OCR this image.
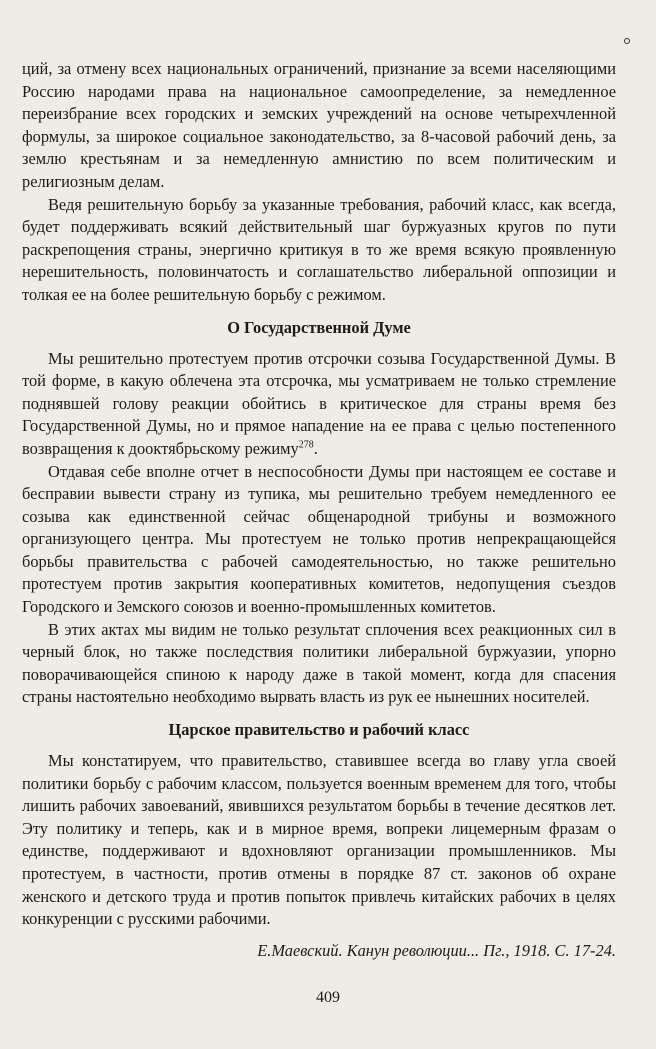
ций, за отмену всех национальных ограничений, признание за всеми населяющими Россию народами права на национальное самоопределение, за немедленное переизбрание всех городских и земских учреждений на основе четырехчленной формулы, за широкое социальное законодательство, за 8-часовой рабочий день, за землю крестьянам и за немедленную амнистию по всем политическим и религиозным делам.

Ведя решительную борьбу за указанные требования, рабочий класс, как всегда, будет поддерживать всякий действительный шаг буржуазных кругов по пути раскрепощения страны, энергично критикуя в то же время всякую проявленную нерешительность, половинчатость и соглашательство либеральной оппозиции и толкая ее на более решительную борьбу с режимом.

О Государственной Думе

Мы решительно протестуем против отсрочки созыва Государственной Думы. В той форме, в какую облечена эта отсрочка, мы усматриваем не только стремление поднявшей голову реакции обойтись в критическое для страны время без Государственной Думы, но и прямое нападение на ее права с целью постепенного возвращения к доoктябрьскому режиму$^{278}$.

Отдавая себе вполне отчет в неспособности Думы при настоящем ее составе и бесправии вывести страну из тупика, мы решительно требуем немедленного ее созыва как единственной сейчас общенародной трибуны и возможного организующего центра. Мы протестуем не только против непрекращающейся борьбы правительства с рабочей самодеятельностью, но также решительно протестуем против закрытия кооперативных комитетов, недопущения съездов Городского и Земского союзов и военно-промышленных комитетов.

В этих актах мы видим не только результат сплочения всех реакционных сил в черный блок, но также последствия политики либеральной буржуазии, упорно поворачивающейся спиною к народу даже в такой момент, когда для спасения страны настоятельно необходимо вырвать власть из рук ее нынешних носителей.

Царское правительство и рабочий класс

Мы констатируем, что правительство, ставившее всегда во главу угла своей политики борьбу с рабочим классом, пользуется военным временем для того, чтобы лишить рабочих завоеваний, явившихся результатом борьбы в течение десятков лет. Эту политику и теперь, как и в мирное время, вопреки лицемерным фразам о единстве, поддерживают и вдохновляют организации промышленников. Мы протестуем, в частности, против отмены в порядке 87 ст. законов об охране женского и детского труда и против попыток привлечь китайских рабочих в целях конкуренции с русскими рабочими.

Е.Маевский. Канун революции... Пг., 1918. С. 17-24.
409
